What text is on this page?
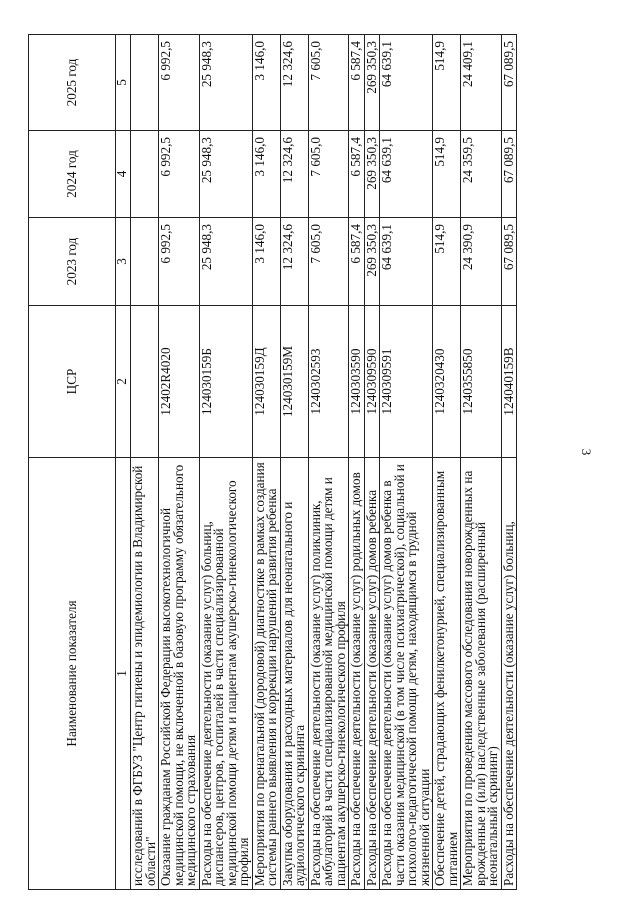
3
Наименование показателя	ЦСР	2023 год	2024 год	2025 год
1	2	3	4	5
исследований в ФГБУЗ "Центр гигиены и эпидемиологии в Владимирской области"				
Оказание гражданам Российской Федерации высокотехнологичной медицинской помощи, не включенной в базовую программу обязательного медицинского страхования	12402R4020	6 992,5	6 992,5	6 992,5
Расходы на обеспечение деятельности (оказание услуг) больниц, диспансеров, центров, госпиталей в части специализированной медицинской помощи детям и пациентам акушерско-гинекологического профиля	124030159Б	25 948,3	25 948,3	25 948,3
Мероприятия по пренатальной (дородовой) диагностике в рамках создания системы раннего выявления и коррекции нарушений развития ребенка	124030159Д	3 146,0	3 146,0	3 146,0
Закупка оборудования и расходных материалов для неонатального и аудиологического скрининга	124030159М	12 324,6	12 324,6	12 324,6
Расходы на обеспечение деятельности (оказание услуг) поликлиник, амбулаторий в части специализированной медицинской помощи детям и пациентам акушерско-гинекологического профиля	1240302593	7 605,0	7 605,0	7 605,0
Расходы на обеспечение деятельности (оказание услуг) родильных домов	1240303590	6 587,4	6 587,4	6 587,4
Расходы на обеспечение деятельности (оказание услуг) домов ребенка	1240309590	269 350,3	269 350,3	269 350,3
Расходы на обеспечение деятельности (оказание услуг) домов ребенка в части оказания медицинской (в том числе психиатрической), социальной и психолого-педагогической помощи детям, находящимся в трудной жизненной ситуации	1240309591	64 639,1	64 639,1	64 639,1
Обеспечение детей, страдающих фенилкетонурией, специализированным питанием	1240320430	514,9	514,9	514,9
Мероприятия по проведению массового обследования новорожденных на врожденные и (или) наследственные заболевания (расширенный неонатальный скрининг)	1240355850	24 390,9	24 359,5	24 409,1
Расходы на обеспечение деятельности (оказание услуг) больниц,	124040159В	67 089,5	67 089,5	67 089,5
